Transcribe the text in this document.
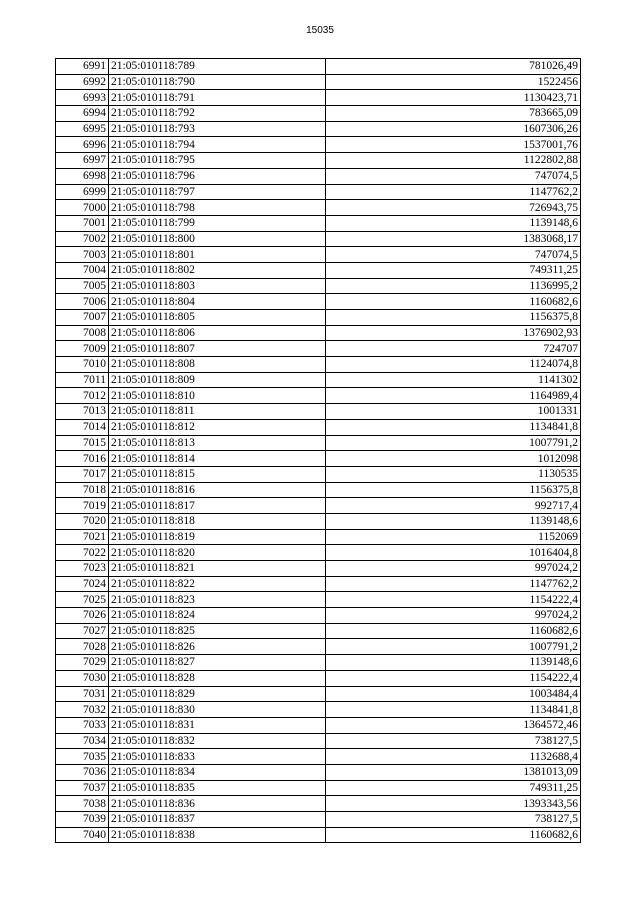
15035
6991	21:05:010118:789	781026,49
6992	21:05:010118:790	1522456
6993	21:05:010118:791	1130423,71
6994	21:05:010118:792	783665,09
6995	21:05:010118:793	1607306,26
6996	21:05:010118:794	1537001,76
6997	21:05:010118:795	1122802,88
6998	21:05:010118:796	747074,5
6999	21:05:010118:797	1147762,2
7000	21:05:010118:798	726943,75
7001	21:05:010118:799	1139148,6
7002	21:05:010118:800	1383068,17
7003	21:05:010118:801	747074,5
7004	21:05:010118:802	749311,25
7005	21:05:010118:803	1136995,2
7006	21:05:010118:804	1160682,6
7007	21:05:010118:805	1156375,8
7008	21:05:010118:806	1376902,93
7009	21:05:010118:807	724707
7010	21:05:010118:808	1124074,8
7011	21:05:010118:809	1141302
7012	21:05:010118:810	1164989,4
7013	21:05:010118:811	1001331
7014	21:05:010118:812	1134841,8
7015	21:05:010118:813	1007791,2
7016	21:05:010118:814	1012098
7017	21:05:010118:815	1130535
7018	21:05:010118:816	1156375,8
7019	21:05:010118:817	992717,4
7020	21:05:010118:818	1139148,6
7021	21:05:010118:819	1152069
7022	21:05:010118:820	1016404,8
7023	21:05:010118:821	997024,2
7024	21:05:010118:822	1147762,2
7025	21:05:010118:823	1154222,4
7026	21:05:010118:824	997024,2
7027	21:05:010118:825	1160682,6
7028	21:05:010118:826	1007791,2
7029	21:05:010118:827	1139148,6
7030	21:05:010118:828	1154222,4
7031	21:05:010118:829	1003484,4
7032	21:05:010118:830	1134841,8
7033	21:05:010118:831	1364572,46
7034	21:05:010118:832	738127,5
7035	21:05:010118:833	1132688,4
7036	21:05:010118:834	1381013,09
7037	21:05:010118:835	749311,25
7038	21:05:010118:836	1393343,56
7039	21:05:010118:837	738127,5
7040	21:05:010118:838	1160682,6
